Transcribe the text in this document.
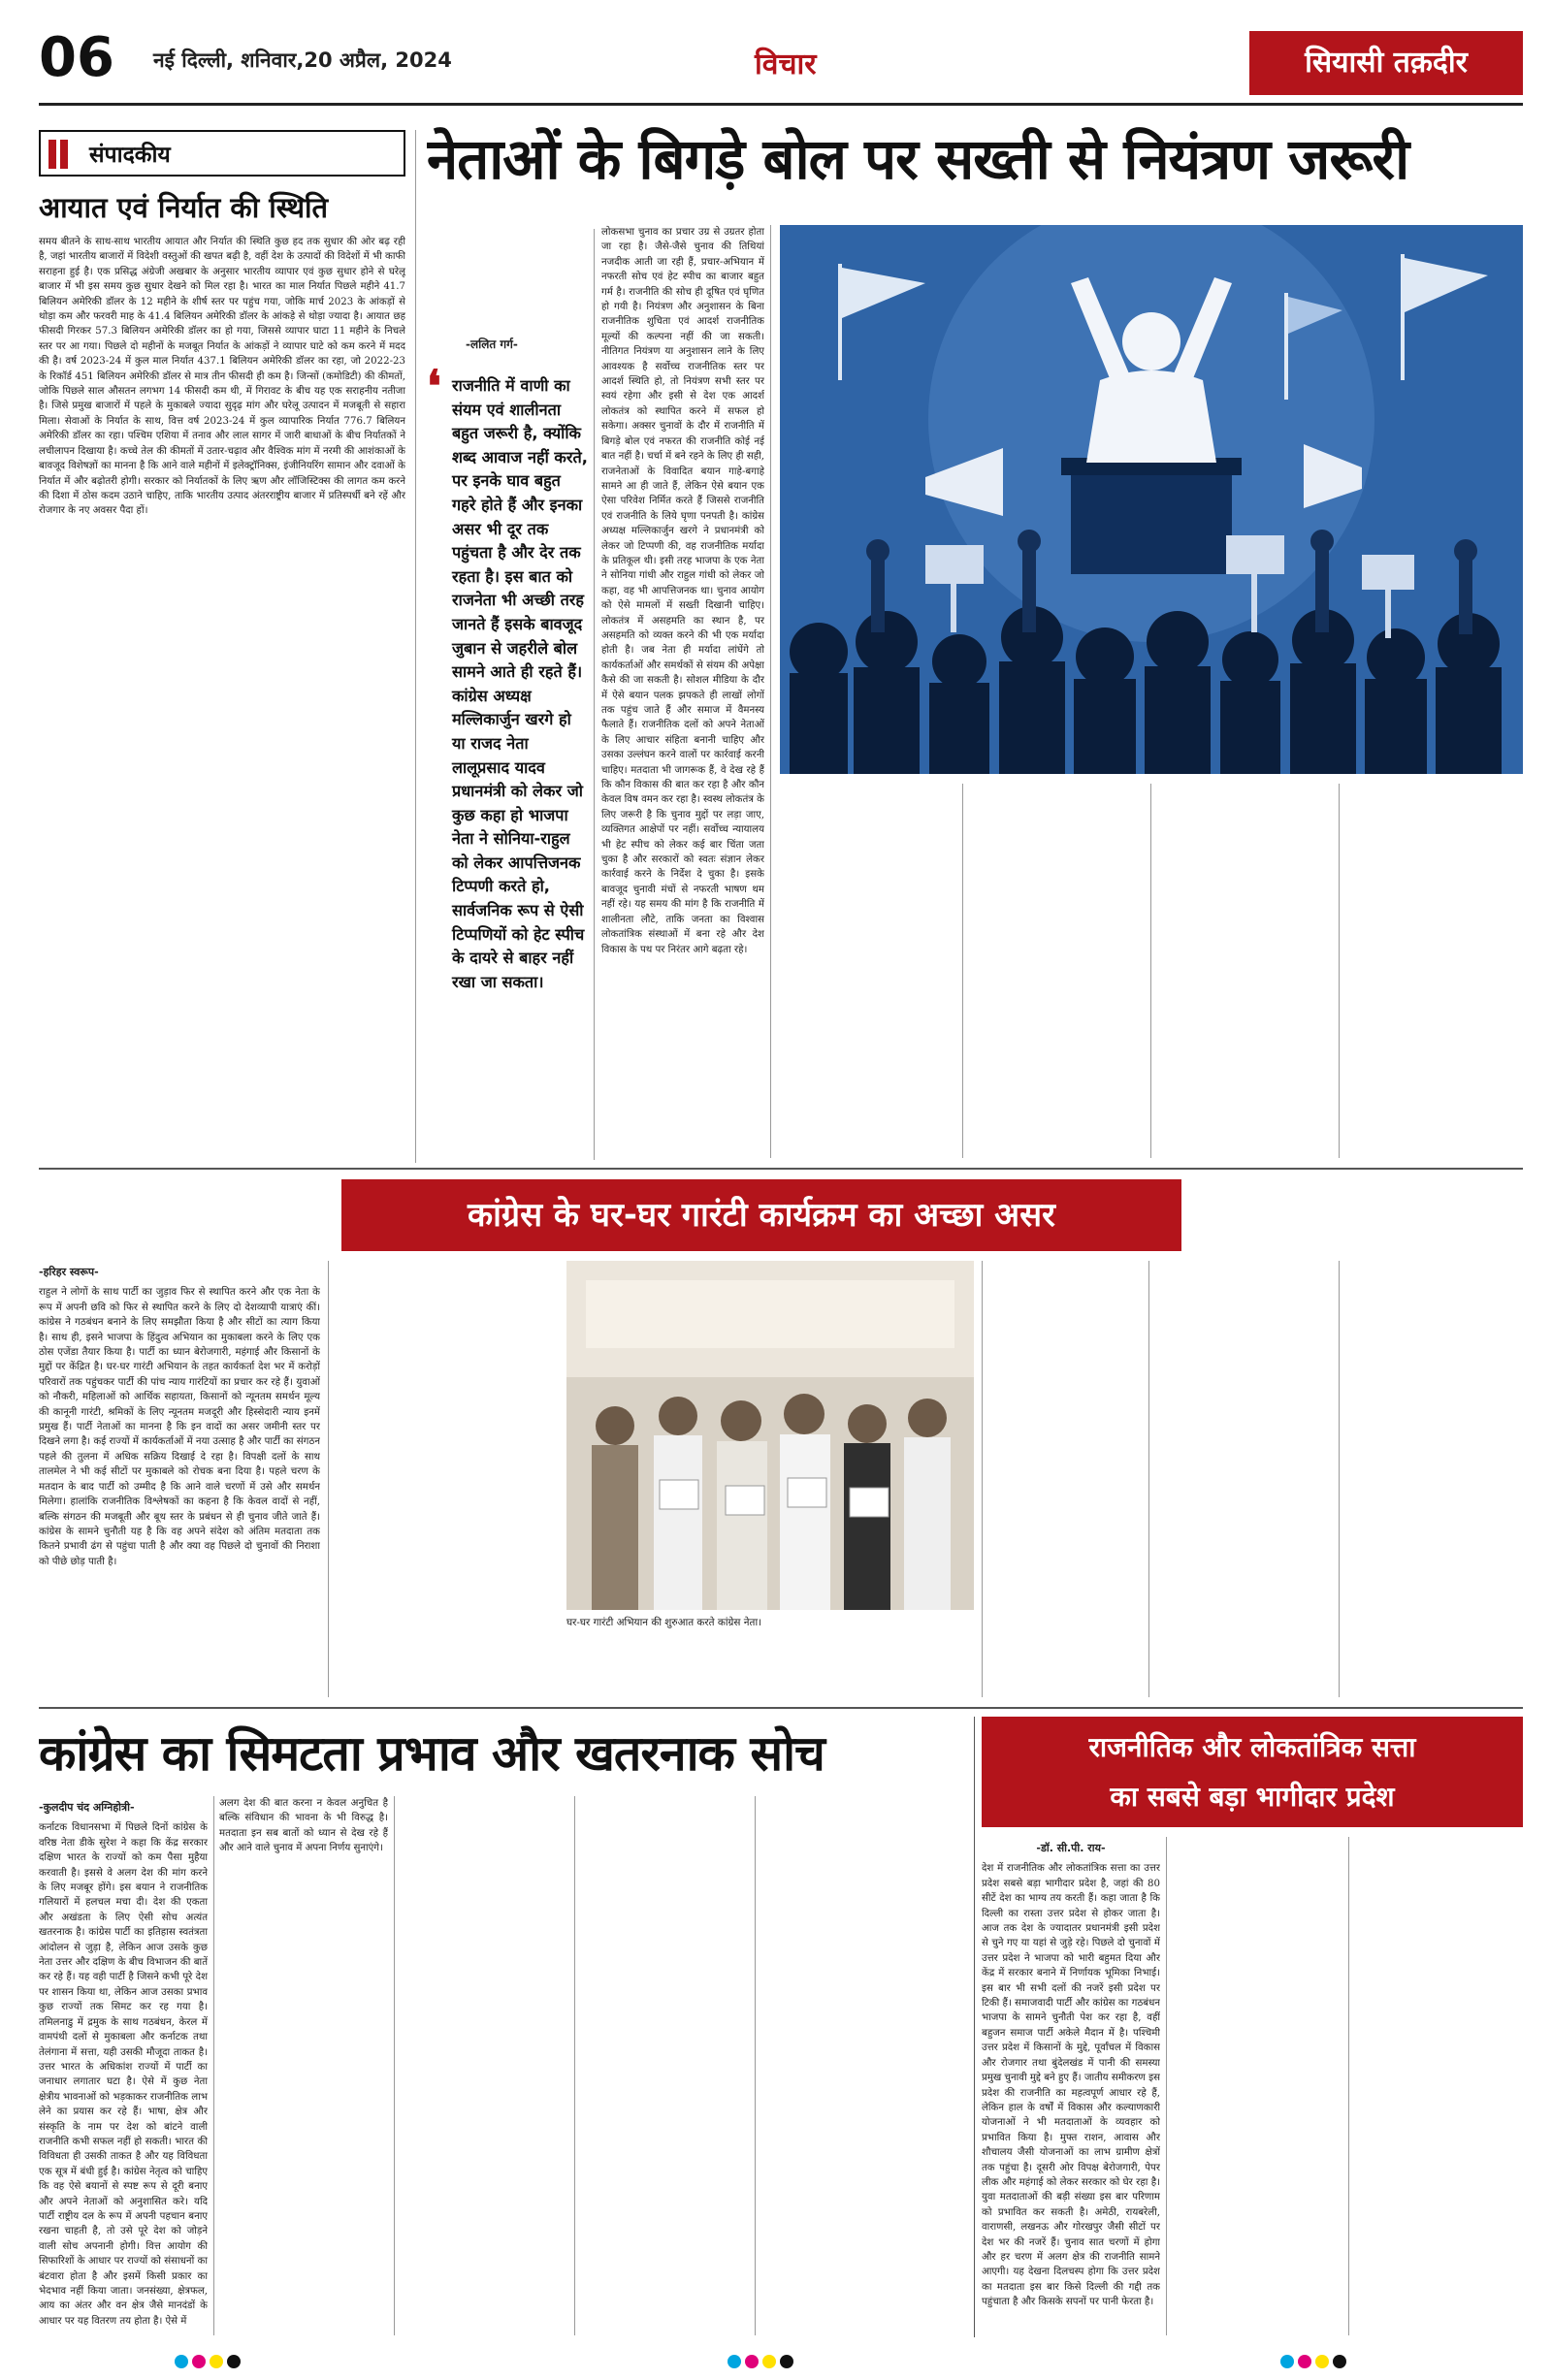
06 नई दिल्ली, शनिवार,20 अप्रैल, 2024	विचार	सियासी तक़दीर
संपादकीय
आयात एवं निर्यात की स्थिति

समय बीतने के साथ-साथ भारतीय आयात और निर्यात की स्थिति कुछ हद तक सुधार की ओर बढ़ रही है, जहां भारतीय बाजारों में विदेशी वस्तुओं की खपत बढ़ी है, वहीं देश के उत्पादों की विदेशों में भी काफी सराहना हुई है। एक प्रसिद्ध अंग्रेजी अखबार के अनुसार भारतीय व्यापार एवं कुछ सुधार होने से घरेलू बाजार में भी इस समय कुछ सुधार देखने को मिल रहा है। भारत का माल निर्यात पिछले महीने 41.7 बिलियन अमेरिकी डॉलर के 12 महीने के शीर्ष स्तर पर पहुंच गया, जोकि मार्च 2023 के आंकड़ों से थोड़ा कम और फरवरी माह के 41.4 बिलियन अमेरिकी डॉलर के आंकड़े से थोड़ा ज्यादा है। आयात छह फीसदी गिरकर 57.3 बिलियन अमेरिकी डॉलर का हो गया, जिससे व्यापार घाटा 11 महीने के निचले स्तर पर आ गया। पिछले दो महीनों के मजबूत निर्यात के आंकड़ों ने व्यापार घाटे को कम करने में मदद की है। वर्ष 2023-24 में कुल माल निर्यात 437.1 बिलियन अमेरिकी डॉलर का रहा, जो 2022-23 के रिकॉर्ड 451 बिलियन अमेरिकी डॉलर से मात्र तीन फीसदी ही कम है। जिन्सों (कमोडिटी) की कीमतों, जोकि पिछले साल औसतन लगभग 14 फीसदी कम थी, में गिरावट के बीच यह एक सराहनीय नतीजा है। जिसे प्रमुख बाजारों में पहले के मुकाबले ज्यादा सुदृढ़ मांग और घरेलू उत्पादन में मजबूती से सहारा मिला। सेवाओं के निर्यात के साथ, वित्त वर्ष 2023-24 में कुल व्यापारिक निर्यात 776.7 बिलियन अमेरिकी डॉलर का रहा। पश्चिम एशिया में तनाव और लाल सागर में जारी बाधाओं के बीच निर्यातकों ने लचीलापन दिखाया है। कच्चे तेल की कीमतों में उतार-चढ़ाव और वैश्विक मांग में नरमी की आशंकाओं के बावजूद विशेषज्ञों का मानना है कि आने वाले महीनों में इलेक्ट्रॉनिक्स, इंजीनियरिंग सामान और दवाओं के निर्यात में और बढ़ोतरी होगी। सरकार को निर्यातकों के लिए ऋण और लॉजिस्टिक्स की लागत कम करने की दिशा में ठोस कदम उठाने चाहिए, ताकि भारतीय उत्पाद अंतरराष्ट्रीय बाजार में प्रतिस्पर्धी बने रहें और रोजगार के नए अवसर पैदा हों।

नेताओं के बिगड़े बोल पर सख्ती से नियंत्रण जरूरी
-ललित गर्ग-
❛ राजनीति में वाणी का संयम एवं शालीनता बहुत जरूरी है, क्योंकि शब्द आवाज नहीं करते, पर इनके घाव बहुत गहरे होते हैं और इनका असर भी दूर तक पहुंचता है और देर तक रहता है। इस बात को राजनेता भी अच्छी तरह जानते हैं इसके बावजूद जुबान से जहरीले बोल सामने आते ही रहते हैं। कांग्रेस अध्यक्ष मल्लिकार्जुन खरगे हो या राजद नेता लालूप्रसाद यादव प्रधानमंत्री को लेकर जो कुछ कहा हो भाजपा नेता ने सोनिया-राहुल को लेकर आपत्तिजनक टिप्पणी करते हो, सार्वजनिक रूप से ऐसी टिप्पणियों को हेट स्पीच के दायरे से बाहर नहीं रखा जा सकता।

लोकसभा चुनाव का प्रचार उग्र से उग्रतर होता जा रहा है। जैसे-जैसे चुनाव की तिथियां नजदीक आती जा रही हैं, प्रचार-अभियान में नफरती सोच एवं हेट स्पीच का बाजार बहुत गर्म है। राजनीति की सोच ही दूषित एवं घृणित हो गयी है। नियंत्रण और अनुशासन के बिना राजनीतिक शुचिता एवं आदर्श राजनीतिक मूल्यों की कल्पना नहीं की जा सकती। नीतिगत नियंत्रण या अनुशासन लाने के लिए आवश्यक है सर्वोच्च राजनीतिक स्तर पर आदर्श स्थिति हो, तो नियंत्रण सभी स्तर पर स्वयं रहेगा और इसी से देश एक आदर्श लोकतंत्र को स्थापित करने में सफल हो सकेगा। अक्सर चुनावों के दौर में राजनीति में बिगड़े बोल एवं नफरत की राजनीति कोई नई बात नहीं है। चर्चा में बने रहने के लिए ही सही, राजनेताओं के विवादित बयान गाहे-बगाहे सामने आ ही जाते हैं, लेकिन ऐसे बयान एक ऐसा परिवेश निर्मित करते हैं जिससे राजनीति एवं राजनीति के लिये घृणा पनपती है। कांग्रेस अध्यक्ष मल्लिकार्जुन खरगे ने प्रधानमंत्री को लेकर जो टिप्पणी की, वह राजनीतिक मर्यादा के प्रतिकूल थी। इसी तरह भाजपा के एक नेता ने सोनिया गांधी और राहुल गांधी को लेकर जो कहा, वह भी आपत्तिजनक था। चुनाव आयोग को ऐसे मामलों में सख्ती दिखानी चाहिए। लोकतंत्र में असहमति का स्थान है, पर असहमति को व्यक्त करने की भी एक मर्यादा होती है। जब नेता ही मर्यादा लांघेंगे तो कार्यकर्ताओं और समर्थकों से संयम की अपेक्षा कैसे की जा सकती है। सोशल मीडिया के दौर में ऐसे बयान पलक झपकते ही लाखों लोगों तक पहुंच जाते हैं और समाज में वैमनस्य फैलाते हैं। राजनीतिक दलों को अपने नेताओं के लिए आचार संहिता बनानी चाहिए और उसका उल्लंघन करने वालों पर कार्रवाई करनी चाहिए। मतदाता भी जागरूक हैं, वे देख रहे हैं कि कौन विकास की बात कर रहा है और कौन केवल विष वमन कर रहा है। स्वस्थ लोकतंत्र के लिए जरूरी है कि चुनाव मुद्दों पर लड़ा जाए, व्यक्तिगत आक्षेपों पर नहीं। सर्वोच्च न्यायालय भी हेट स्पीच को लेकर कई बार चिंता जता चुका है और सरकारों को स्वतः संज्ञान लेकर कार्रवाई करने के निर्देश दे चुका है। इसके बावजूद चुनावी मंचों से नफरती भाषण थम नहीं रहे। यह समय की मांग है कि राजनीति में शालीनता लौटे, ताकि जनता का विश्वास लोकतांत्रिक संस्थाओं में बना रहे और देश विकास के पथ पर निरंतर आगे बढ़ता रहे।

कांग्रेस के घर-घर गारंटी कार्यक्रम का अच्छा असर
-हरिहर स्वरूप-

राहुल ने लोगों के साथ पार्टी का जुड़ाव फिर से स्थापित करने और एक नेता के रूप में अपनी छवि को फिर से स्थापित करने के लिए दो देशव्यापी यात्राएं कीं। कांग्रेस ने गठबंधन बनाने के लिए समझौता किया है और सीटों का त्याग किया है। साथ ही, इसने भाजपा के हिंदुत्व अभियान का मुकाबला करने के लिए एक ठोस एजेंडा तैयार किया है। पार्टी का ध्यान बेरोजगारी, महंगाई और किसानों के मुद्दों पर केंद्रित है। घर-घर गारंटी अभियान के तहत कार्यकर्ता देश भर में करोड़ों परिवारों तक पहुंचकर पार्टी की पांच न्याय गारंटियों का प्रचार कर रहे हैं। युवाओं को नौकरी, महिलाओं को आर्थिक सहायता, किसानों को न्यूनतम समर्थन मूल्य की कानूनी गारंटी, श्रमिकों के लिए न्यूनतम मजदूरी और हिस्सेदारी न्याय इनमें प्रमुख हैं। पार्टी नेताओं का मानना है कि इन वादों का असर जमीनी स्तर पर दिखने लगा है। कई राज्यों में कार्यकर्ताओं में नया उत्साह है और पार्टी का संगठन पहले की तुलना में अधिक सक्रिय दिखाई दे रहा है। विपक्षी दलों के साथ तालमेल ने भी कई सीटों पर मुकाबले को रोचक बना दिया है। पहले चरण के मतदान के बाद पार्टी को उम्मीद है कि आने वाले चरणों में उसे और समर्थन मिलेगा। हालांकि राजनीतिक विश्लेषकों का कहना है कि केवल वादों से नहीं, बल्कि संगठन की मजबूती और बूथ स्तर के प्रबंधन से ही चुनाव जीते जाते हैं। कांग्रेस के सामने चुनौती यह है कि वह अपने संदेश को अंतिम मतदाता तक कितने प्रभावी ढंग से पहुंचा पाती है और क्या वह पिछले दो चुनावों की निराशा को पीछे छोड़ पाती है।

घर-घर गारंटी अभियान की शुरुआत करते कांग्रेस नेता।

कांग्रेस का सिमटता प्रभाव और खतरनाक सोच
-कुलदीप चंद अग्निहोत्री-

कर्नाटक विधानसभा में पिछले दिनों कांग्रेस के वरिष्ठ नेता डीके सुरेश ने कहा कि केंद्र सरकार दक्षिण भारत के राज्यों को कम पैसा मुहैया करवाती है। इससे वे अलग देश की मांग करने के लिए मजबूर होंगे। इस बयान ने राजनीतिक गलियारों में हलचल मचा दी। देश की एकता और अखंडता के लिए ऐसी सोच अत्यंत खतरनाक है। कांग्रेस पार्टी का इतिहास स्वतंत्रता आंदोलन से जुड़ा है, लेकिन आज उसके कुछ नेता उत्तर और दक्षिण के बीच विभाजन की बातें कर रहे हैं। यह वही पार्टी है जिसने कभी पूरे देश पर शासन किया था, लेकिन आज उसका प्रभाव कुछ राज्यों तक सिमट कर रह गया है। तमिलनाडु में द्रमुक के साथ गठबंधन, केरल में वामपंथी दलों से मुकाबला और कर्नाटक तथा तेलंगाना में सत्ता, यही उसकी मौजूदा ताकत है। उत्तर भारत के अधिकांश राज्यों में पार्टी का जनाधार लगातार घटा है। ऐसे में कुछ नेता क्षेत्रीय भावनाओं को भड़काकर राजनीतिक लाभ लेने का प्रयास कर रहे हैं। भाषा, क्षेत्र और संस्कृति के नाम पर देश को बांटने वाली राजनीति कभी सफल नहीं हो सकती। भारत की विविधता ही उसकी ताकत है और यह विविधता एक सूत्र में बंधी हुई है। कांग्रेस नेतृत्व को चाहिए कि वह ऐसे बयानों से स्पष्ट रूप से दूरी बनाए और अपने नेताओं को अनुशासित करे। यदि पार्टी राष्ट्रीय दल के रूप में अपनी पहचान बनाए रखना चाहती है, तो उसे पूरे देश को जोड़ने वाली सोच अपनानी होगी। वित्त आयोग की सिफारिशों के आधार पर राज्यों को संसाधनों का बंटवारा होता है और इसमें किसी प्रकार का भेदभाव नहीं किया जाता। जनसंख्या, क्षेत्रफल, आय का अंतर और वन क्षेत्र जैसे मानदंडों के आधार पर यह वितरण तय होता है। ऐसे में

अलग देश की बात करना न केवल अनुचित है बल्कि संविधान की भावना के भी विरुद्ध है। मतदाता इन सब बातों को ध्यान से देख रहे हैं और आने वाले चुनाव में अपना निर्णय सुनाएंगे।

राजनीतिक और लोकतांत्रिक सत्ता
का सबसे बड़ा भागीदार प्रदेश
-डॉ. सी.पी. राय-

देश में राजनीतिक और लोकतांत्रिक सत्ता का उत्तर प्रदेश सबसे बड़ा भागीदार प्रदेश है, जहां की 80 सीटें देश का भाग्य तय करती हैं। कहा जाता है कि दिल्ली का रास्ता उत्तर प्रदेश से होकर जाता है। आज तक देश के ज्यादातर प्रधानमंत्री इसी प्रदेश से चुने गए या यहां से जुड़े रहे। पिछले दो चुनावों में उत्तर प्रदेश ने भाजपा को भारी बहुमत दिया और केंद्र में सरकार बनाने में निर्णायक भूमिका निभाई। इस बार भी सभी दलों की नजरें इसी प्रदेश पर टिकी हैं। समाजवादी पार्टी और कांग्रेस का गठबंधन भाजपा के सामने चुनौती पेश कर रहा है, वहीं बहुजन समाज पार्टी अकेले मैदान में है। पश्चिमी उत्तर प्रदेश में किसानों के मुद्दे, पूर्वांचल में विकास और रोजगार तथा बुंदेलखंड में पानी की समस्या प्रमुख चुनावी मुद्दे बने हुए हैं। जातीय समीकरण इस प्रदेश की राजनीति का महत्वपूर्ण आधार रहे हैं, लेकिन हाल के वर्षों में विकास और कल्याणकारी योजनाओं ने भी मतदाताओं के व्यवहार को प्रभावित किया है। मुफ्त राशन, आवास और शौचालय जैसी योजनाओं का लाभ ग्रामीण क्षेत्रों तक पहुंचा है। दूसरी ओर विपक्ष बेरोजगारी, पेपर लीक और महंगाई को लेकर सरकार को घेर रहा है। युवा मतदाताओं की बड़ी संख्या इस बार परिणाम को प्रभावित कर सकती है। अमेठी, रायबरेली, वाराणसी, लखनऊ और गोरखपुर जैसी सीटों पर देश भर की नजरें हैं। चुनाव सात चरणों में होगा और हर चरण में अलग क्षेत्र की राजनीति सामने आएगी। यह देखना दिलचस्प होगा कि उत्तर प्रदेश का मतदाता इस बार किसे दिल्ली की गद्दी तक पहुंचाता है और किसके सपनों पर पानी फेरता है।
